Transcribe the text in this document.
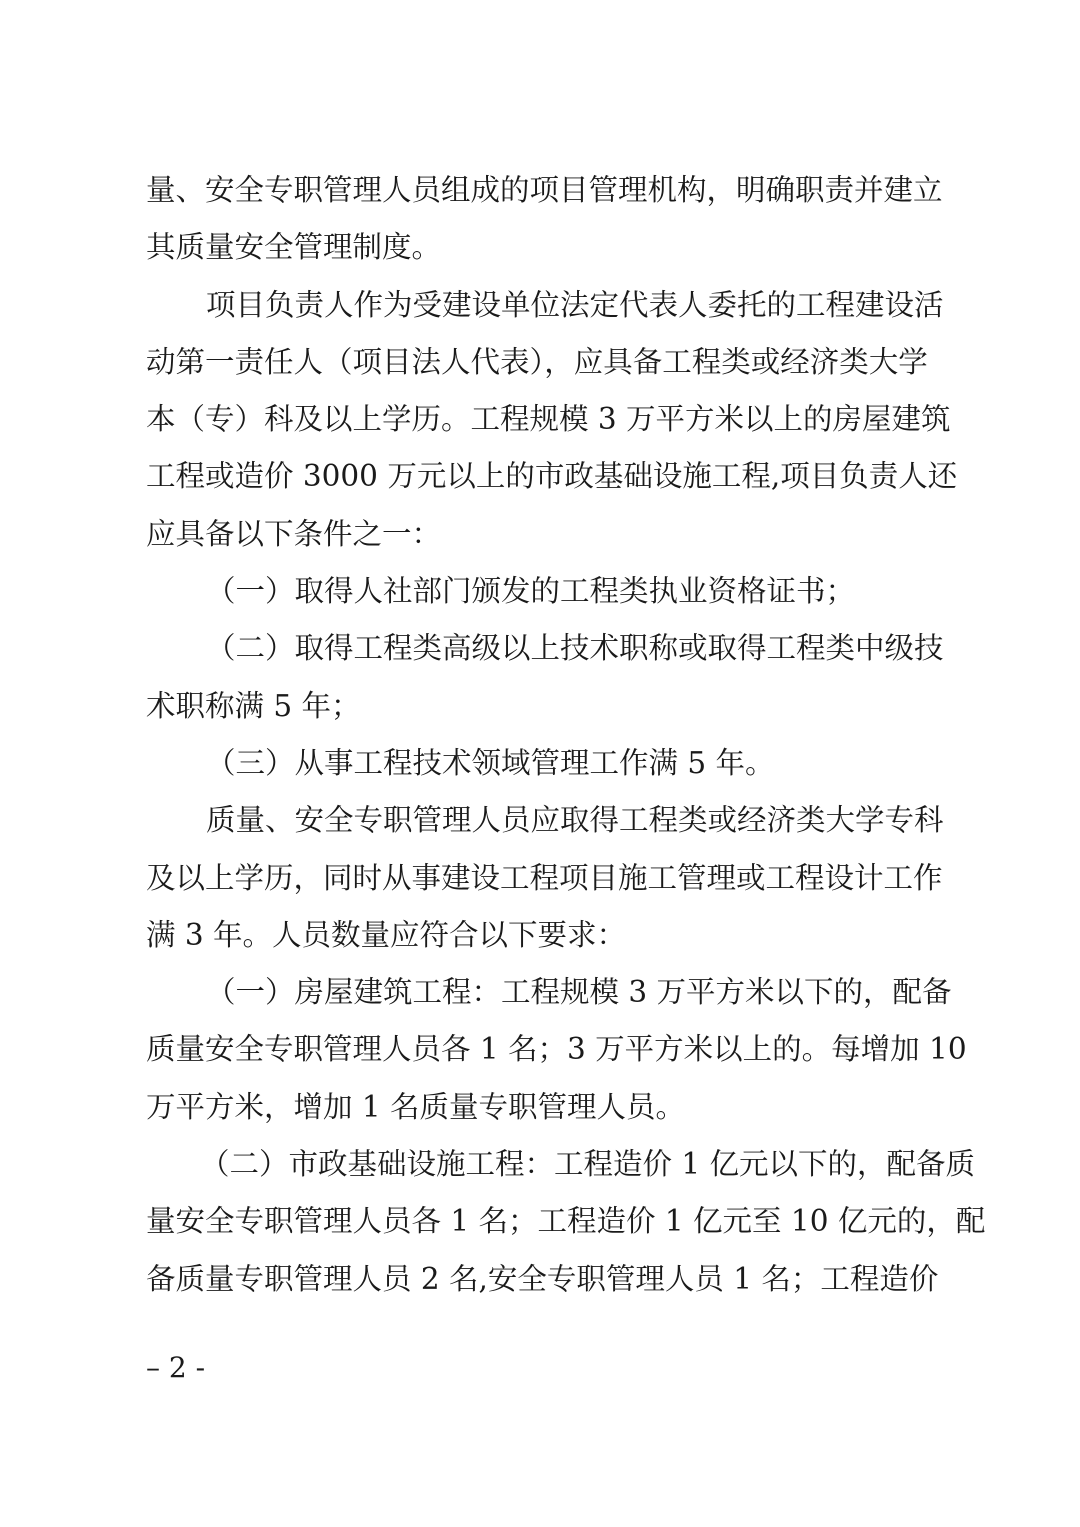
量、安全专职管理人员组成的项目管理机构，明确职责并建立
其质量安全管理制度。
项目负责人作为受建设单位法定代表人委托的工程建设活
动第一责任人（项目法人代表），应具备工程类或经济类大学
本（专）科及以上学历。工程规模 3 万平方米以上的房屋建筑
工程或造价 3000 万元以上的市政基础设施工程,项目负责人还
应具备以下条件之一：
（一）取得人社部门颁发的工程类执业资格证书；
（二）取得工程类高级以上技术职称或取得工程类中级技
术职称满 5 年；
（三）从事工程技术领域管理工作满 5 年。
质量、安全专职管理人员应取得工程类或经济类大学专科
及以上学历，同时从事建设工程项目施工管理或工程设计工作
满 3 年。人员数量应符合以下要求：
（一）房屋建筑工程：工程规模 3 万平方米以下的，配备
质量安全专职管理人员各 1 名；3 万平方米以上的。每增加 10
万平方米，增加 1 名质量专职管理人员。
（二）市政基础设施工程：工程造价 1 亿元以下的，配备质
量安全专职管理人员各 1 名；工程造价 1 亿元至 10 亿元的，配
备质量专职管理人员 2 名,安全专职管理人员 1 名；工程造价
– 2 -
